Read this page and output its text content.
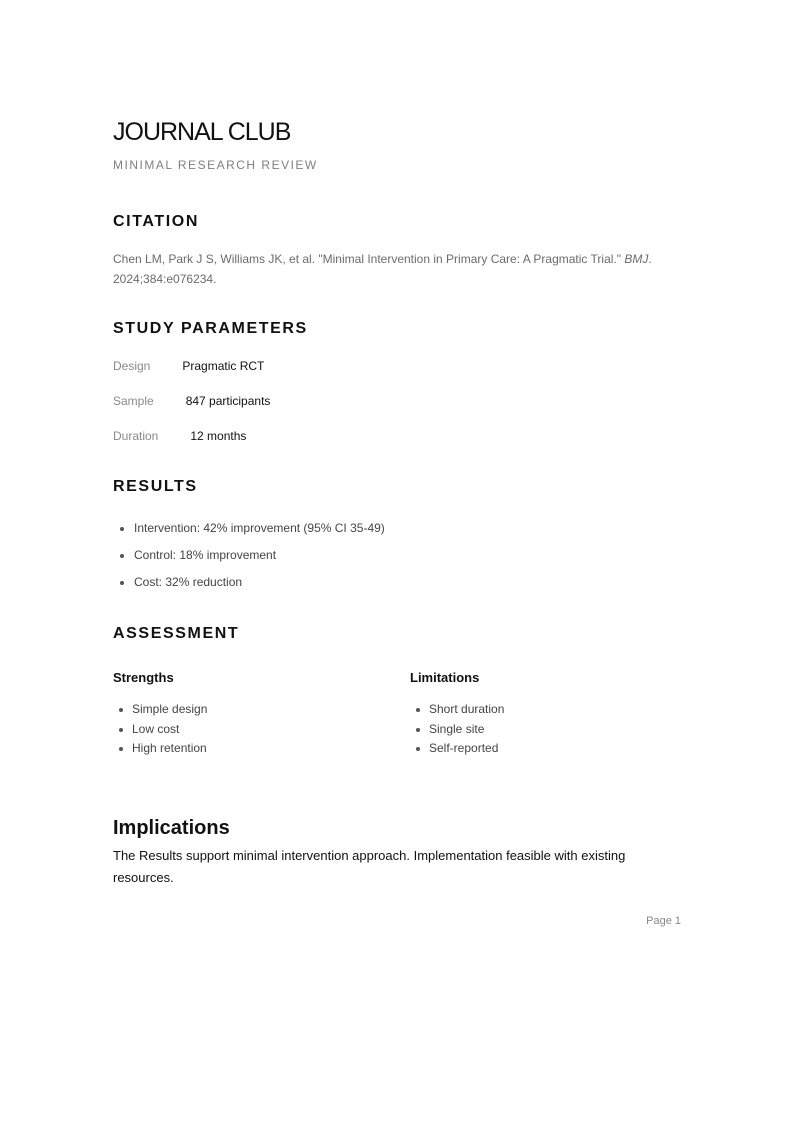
JOURNAL CLUB
MINIMAL RESEARCH REVIEW
CITATION
Chen LM, Park J S, Williams JK, et al. "Minimal Intervention in Primary Care: A Pragmatic Trial." BMJ. 2024;384:e076234.
STUDY PARAMETERS
Design	Pragmatic RCT
Sample	847 participants
Duration	12 months
RESULTS
Intervention: 42% improvement (95% CI 35-49)
Control: 18% improvement
Cost: 32% reduction
ASSESSMENT
Strengths
Simple design
Low cost
High retention
Limitations
Short duration
Single site
Self-reported
Implications
The Results support minimal intervention approach. Implementation feasible with existing resources.
Page 1
